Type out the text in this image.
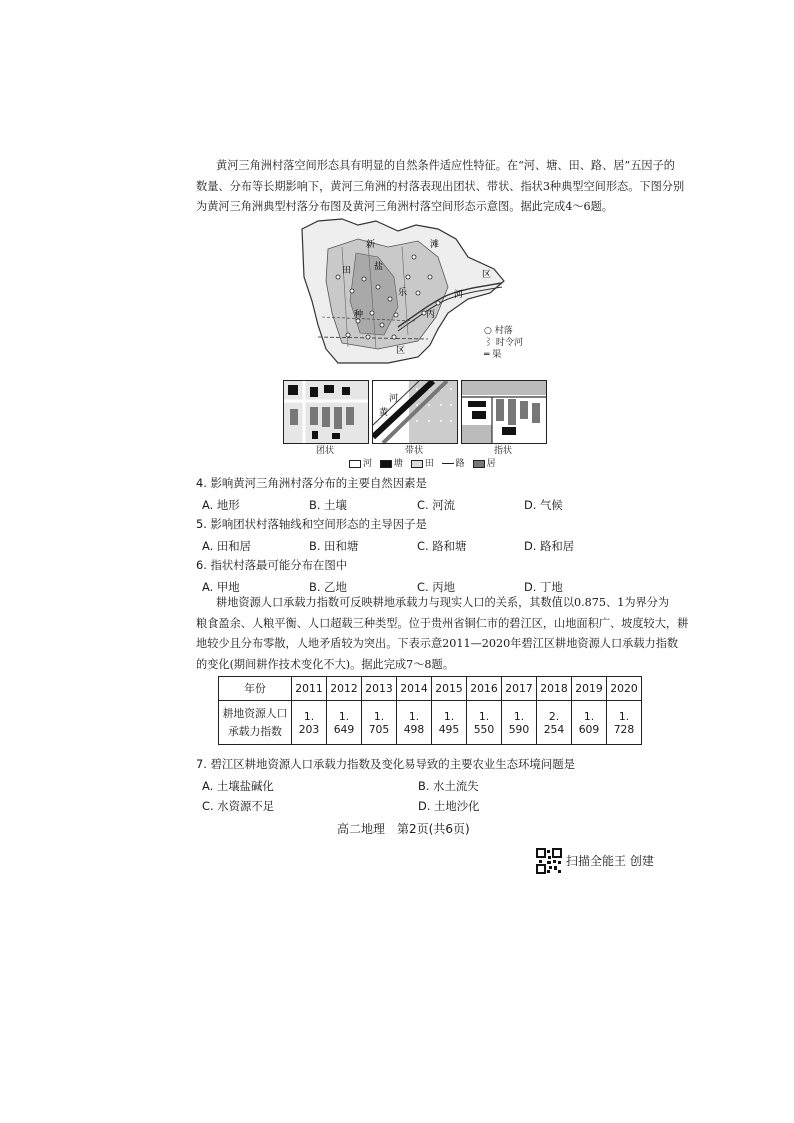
黄河三角洲村落空间形态具有明显的自然条件适应性特征。在“河、塘、田、路、居”五因子的
数量、分布等长期影响下，黄河三角洲的村落表现出团状、带状、指状3种典型空间形态。下图分别
为黄河三角洲典型村落分布图及黄河三角洲村落空间形态示意图。据此完成4～6题。
新	滩
盐
田
乐
种
河
丙
区
区
○ 村落
⌇ 时令河
═ 渠
团状
河
黄
带状	指状
河 塘 田 路 居
4. 影响黄河三角洲村落分布的主要自然因素是
A. 地形	B. 土壤	C. 河流	D. 气候
5. 影响团状村落轴线和空间形态的主导因子是
A. 田和居	B. 田和塘	C. 路和塘	D. 路和居
6. 指状村落最可能分布在图中
A. 甲地	B. 乙地	C. 丙地	D. 丁地
耕地资源人口承载力指数可反映耕地承载力与现实人口的关系，其数值以0.875、1为界分为
粮食盈余、人粮平衡、人口超载三种类型。位于贵州省铜仁市的碧江区，山地面积广、坡度较大，耕
地较少且分布零散，人地矛盾较为突出。下表示意2011—2020年碧江区耕地资源人口承载力指数
的变化(期间耕作技术变化不大)。据此完成7～8题。
年份	2011	2012	2013	2014	2015	2016	2017	2018	2019	2020
耕地资源人口
承载力指数	1. 203	1. 649	1. 705	1. 498	1. 495	1. 550	1. 590	2. 254	1. 609	1. 728
7. 碧江区耕地资源人口承载力指数及变化易导致的主要农业生态环境问题是
A. 土壤盐碱化	B. 水土流失
C. 水资源不足	D. 土地沙化
高二地理　第2页(共6页)
扫描全能王 创建
